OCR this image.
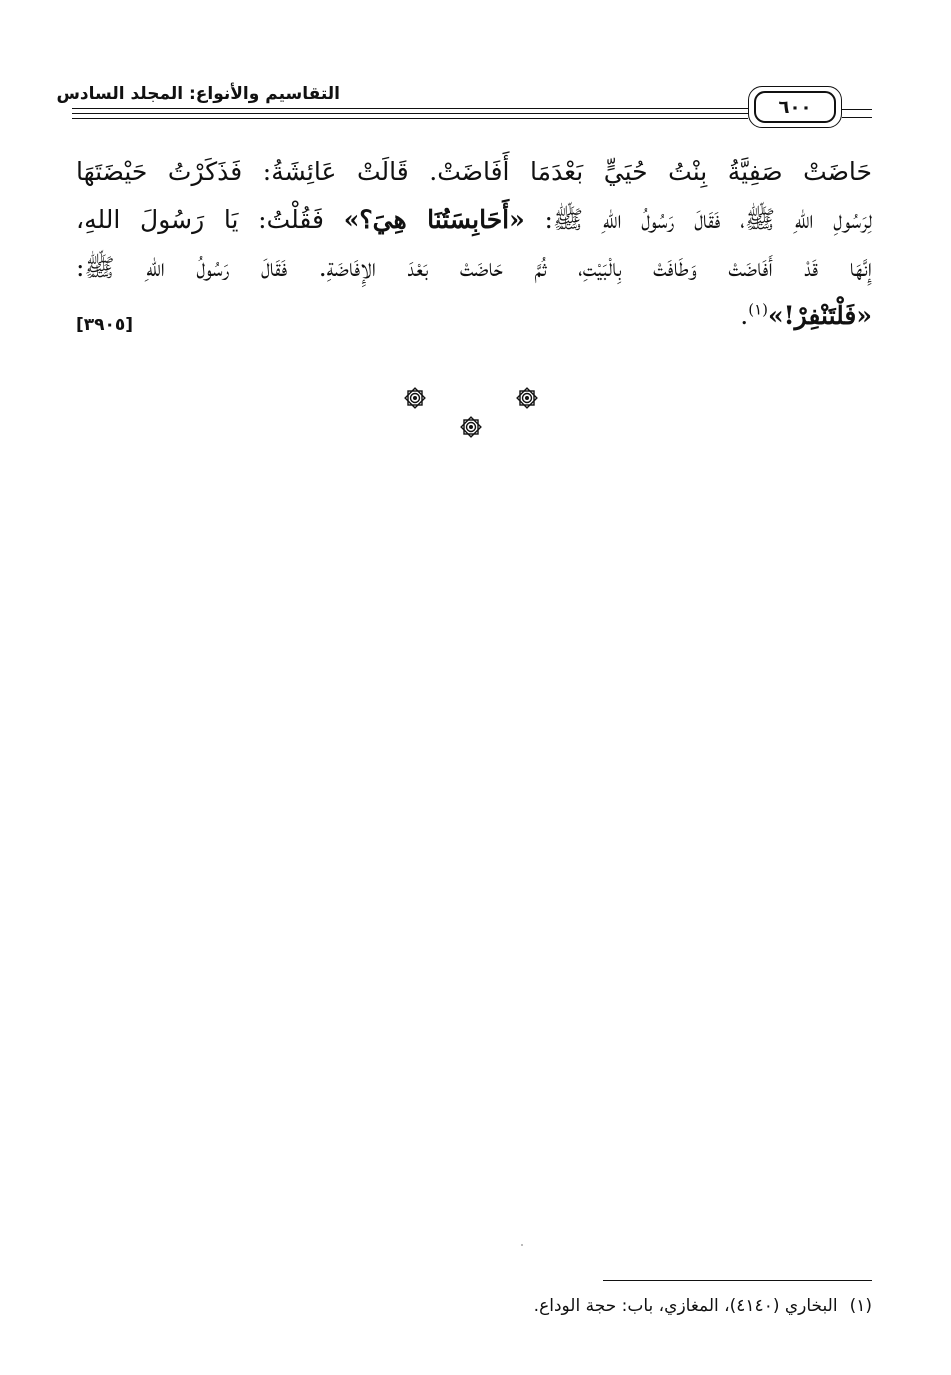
التقاسيم والأنواع: المجلد السادس
٦٠٠
حَاضَتْ صَفِيَّةُ بِنْتُ حُيَيٍّ بَعْدَمَا أَفَاضَتْ. قَالَتْ عَائِشَةُ: فَذَكَرْتُ حَيْضَتَهَا
لِرَسُولِ اللهِ ﷺ، فَقَالَ رَسُولُ اللهِ ﷺ: «أَحَابِسَتُنَا هِيَ؟» فَقُلْتُ: يَا رَسُولَ اللهِ،
إِنَّهَا قَدْ أَفَاضَتْ وَطَافَتْ بِالْبَيْتِ، ثُمَّ حَاضَتْ بَعْدَ الإِفَاضَةِ. فَقَالَ رَسُولُ اللهِ ﷺ:
«فَلْتَنْفِرْ!»$^{(١)}$.
[٣٩٠٥]
(١)البخاري (٤١٤٠)، المغازي، باب: حجة الوداع.
